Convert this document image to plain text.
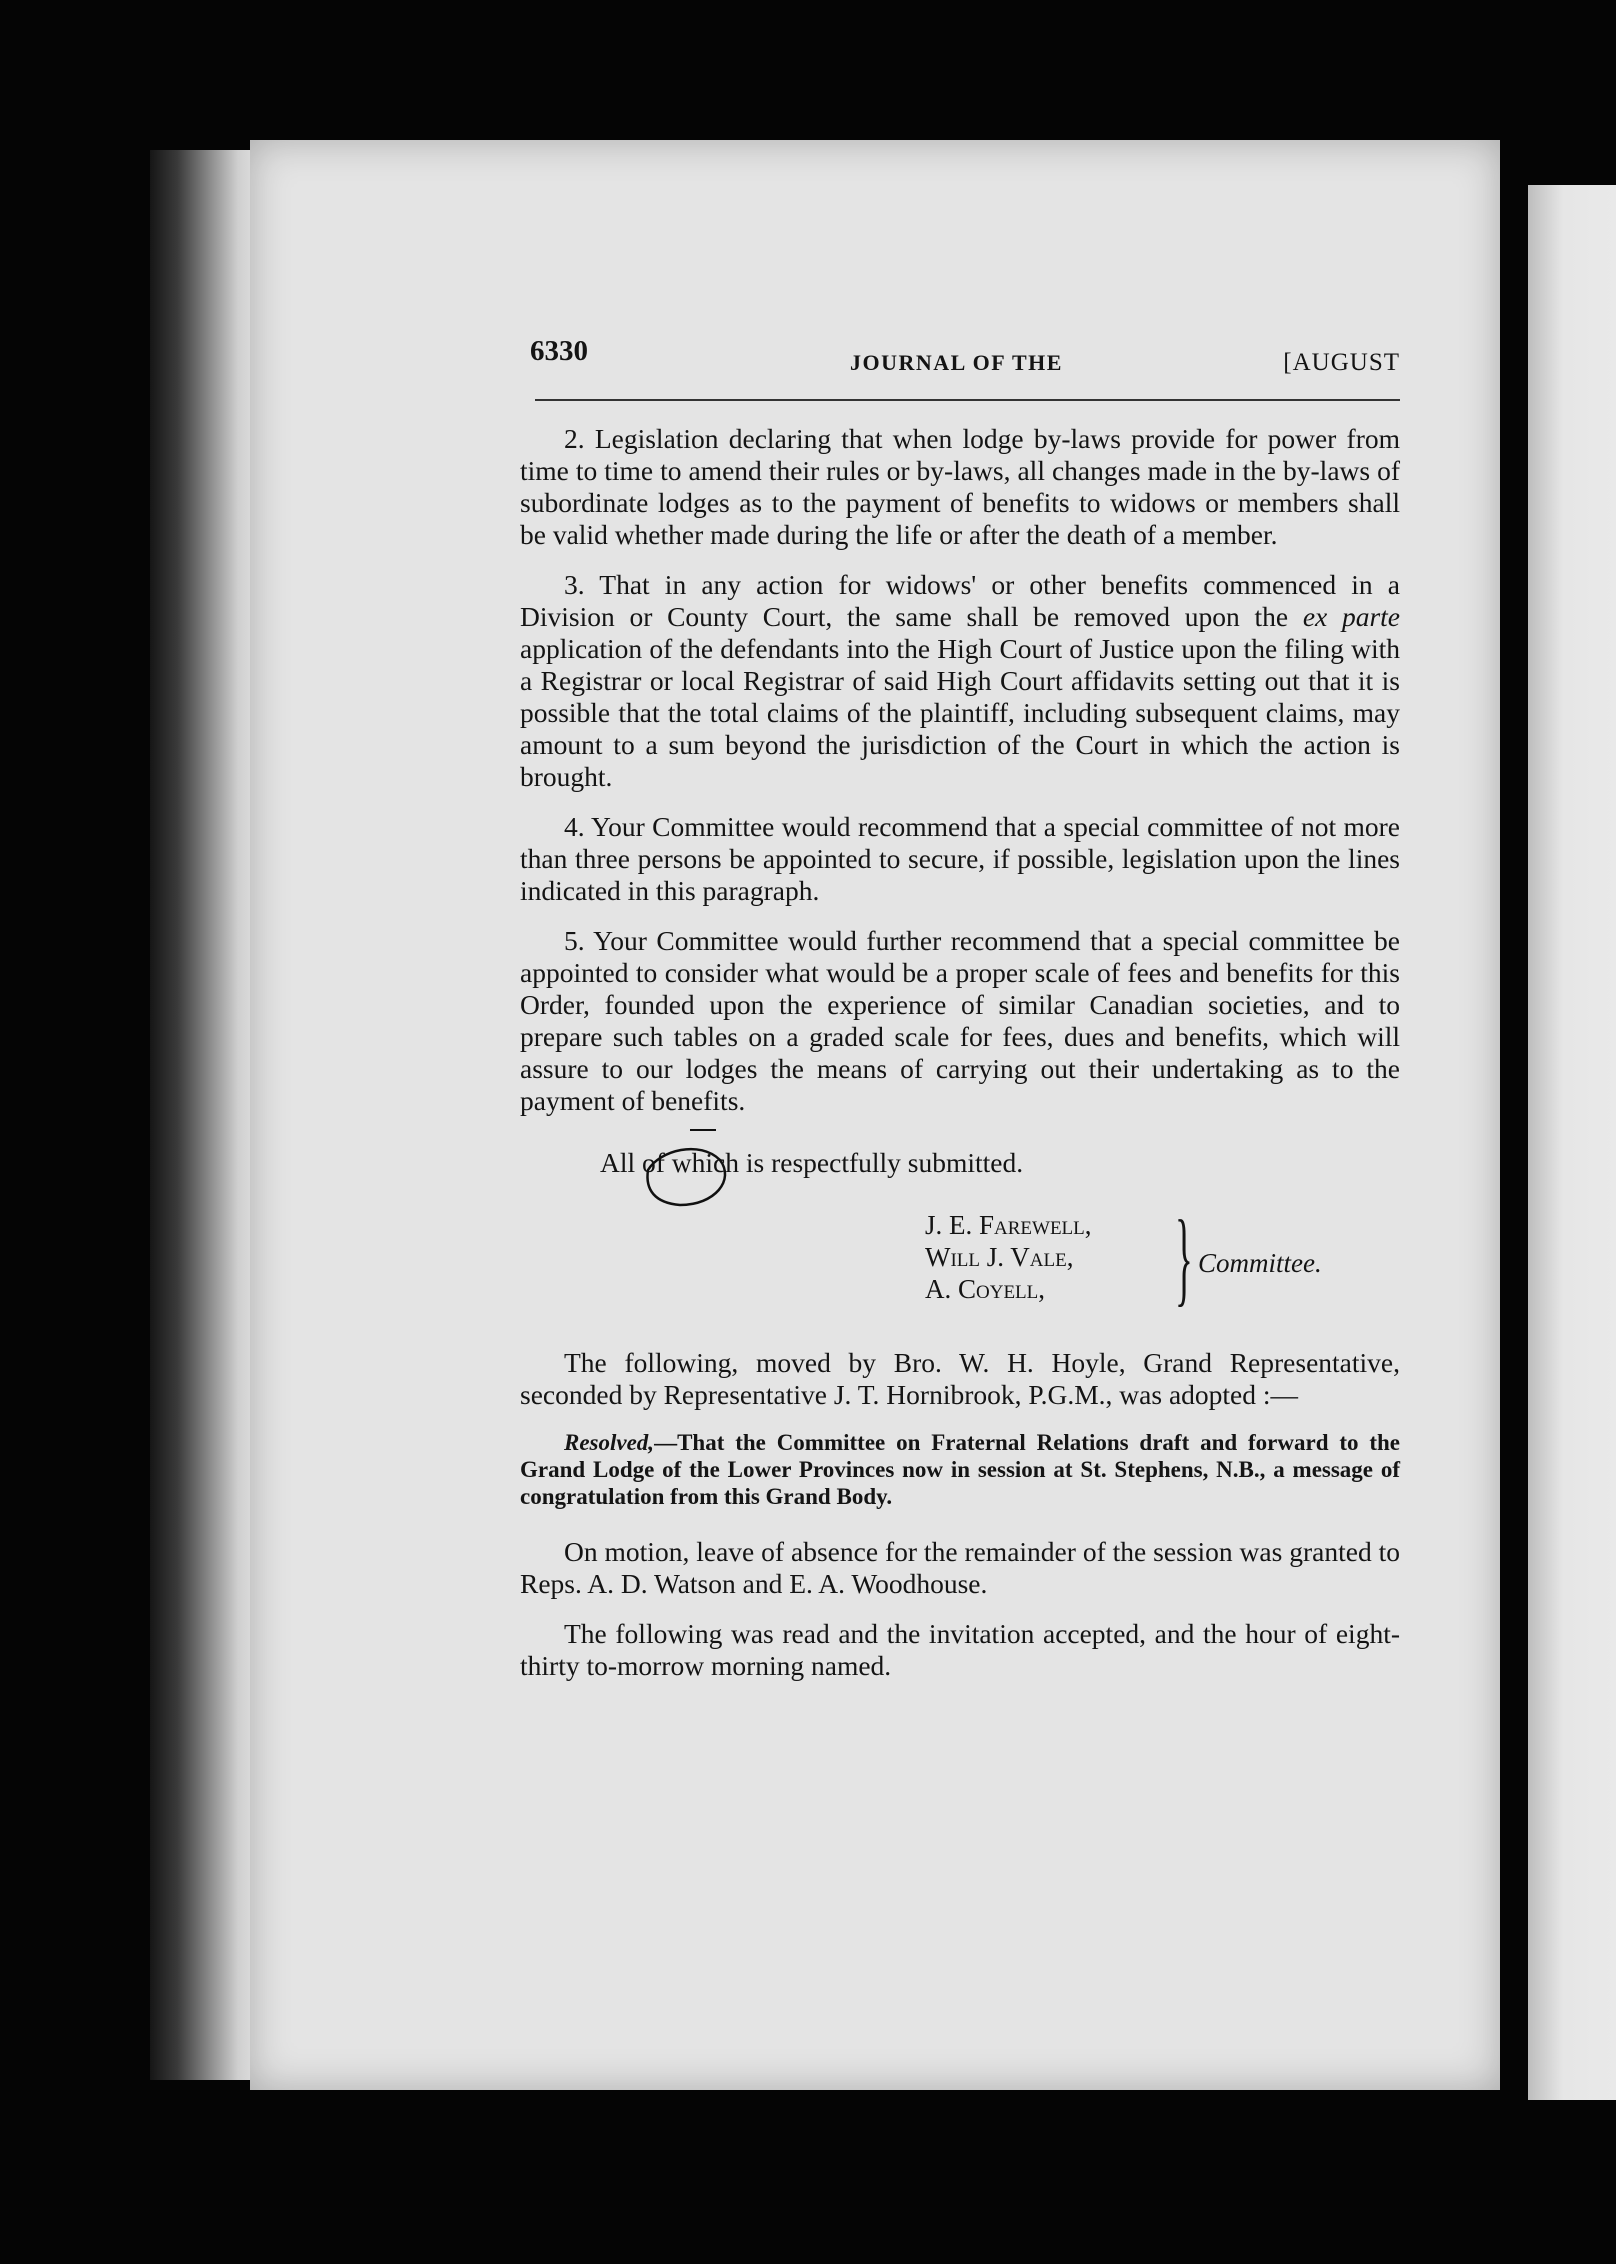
6330	JOURNAL OF THE	[AUGUST

2. Legislation declaring that when lodge by-laws provide for power from time to time to amend their rules or by-laws, all changes made in the by-laws of subordinate lodges as to the payment of benefits to widows or members shall be valid whether made during the life or after the death of a member.

3. That in any action for widows' or other benefits commenced in a Division or County Court, the same shall be removed upon the ex parte application of the defendants into the High Court of Justice upon the filing with a Registrar or local Registrar of said High Court affidavits setting out that it is possible that the total claims of the plaintiff, including subsequent claims, may amount to a sum beyond the jurisdiction of the Court in which the action is brought.

4. Your Committee would recommend that a special committee of not more than three persons be appointed to secure, if possible, legislation upon the lines indicated in this paragraph.

5. Your Committee would further recommend that a special committee be appointed to consider what would be a proper scale of fees and benefits for this Order, founded upon the experience of similar Canadian societies, and to prepare such tables on a graded scale for fees, dues and benefits, which will assure to our lodges the means of carrying out their undertaking as to the payment of benefits.

All of which is respectfully submitted.
J. E. Farewell,
Will J. Vale,
A. Coyell,	} Committee.

The following, moved by Bro. W. H. Hoyle, Grand Representative, seconded by Representative J. T. Hornibrook, P.G.M., was adopted :—

Resolved,—That the Committee on Fraternal Relations draft and forward to the Grand Lodge of the Lower Provinces now in session at St. Stephens, N.B., a message of congratulation from this Grand Body.

On motion, leave of absence for the remainder of the session was granted to Reps. A. D. Watson and E. A. Woodhouse.

The following was read and the invitation accepted, and the hour of eight-thirty to-morrow morning named.
